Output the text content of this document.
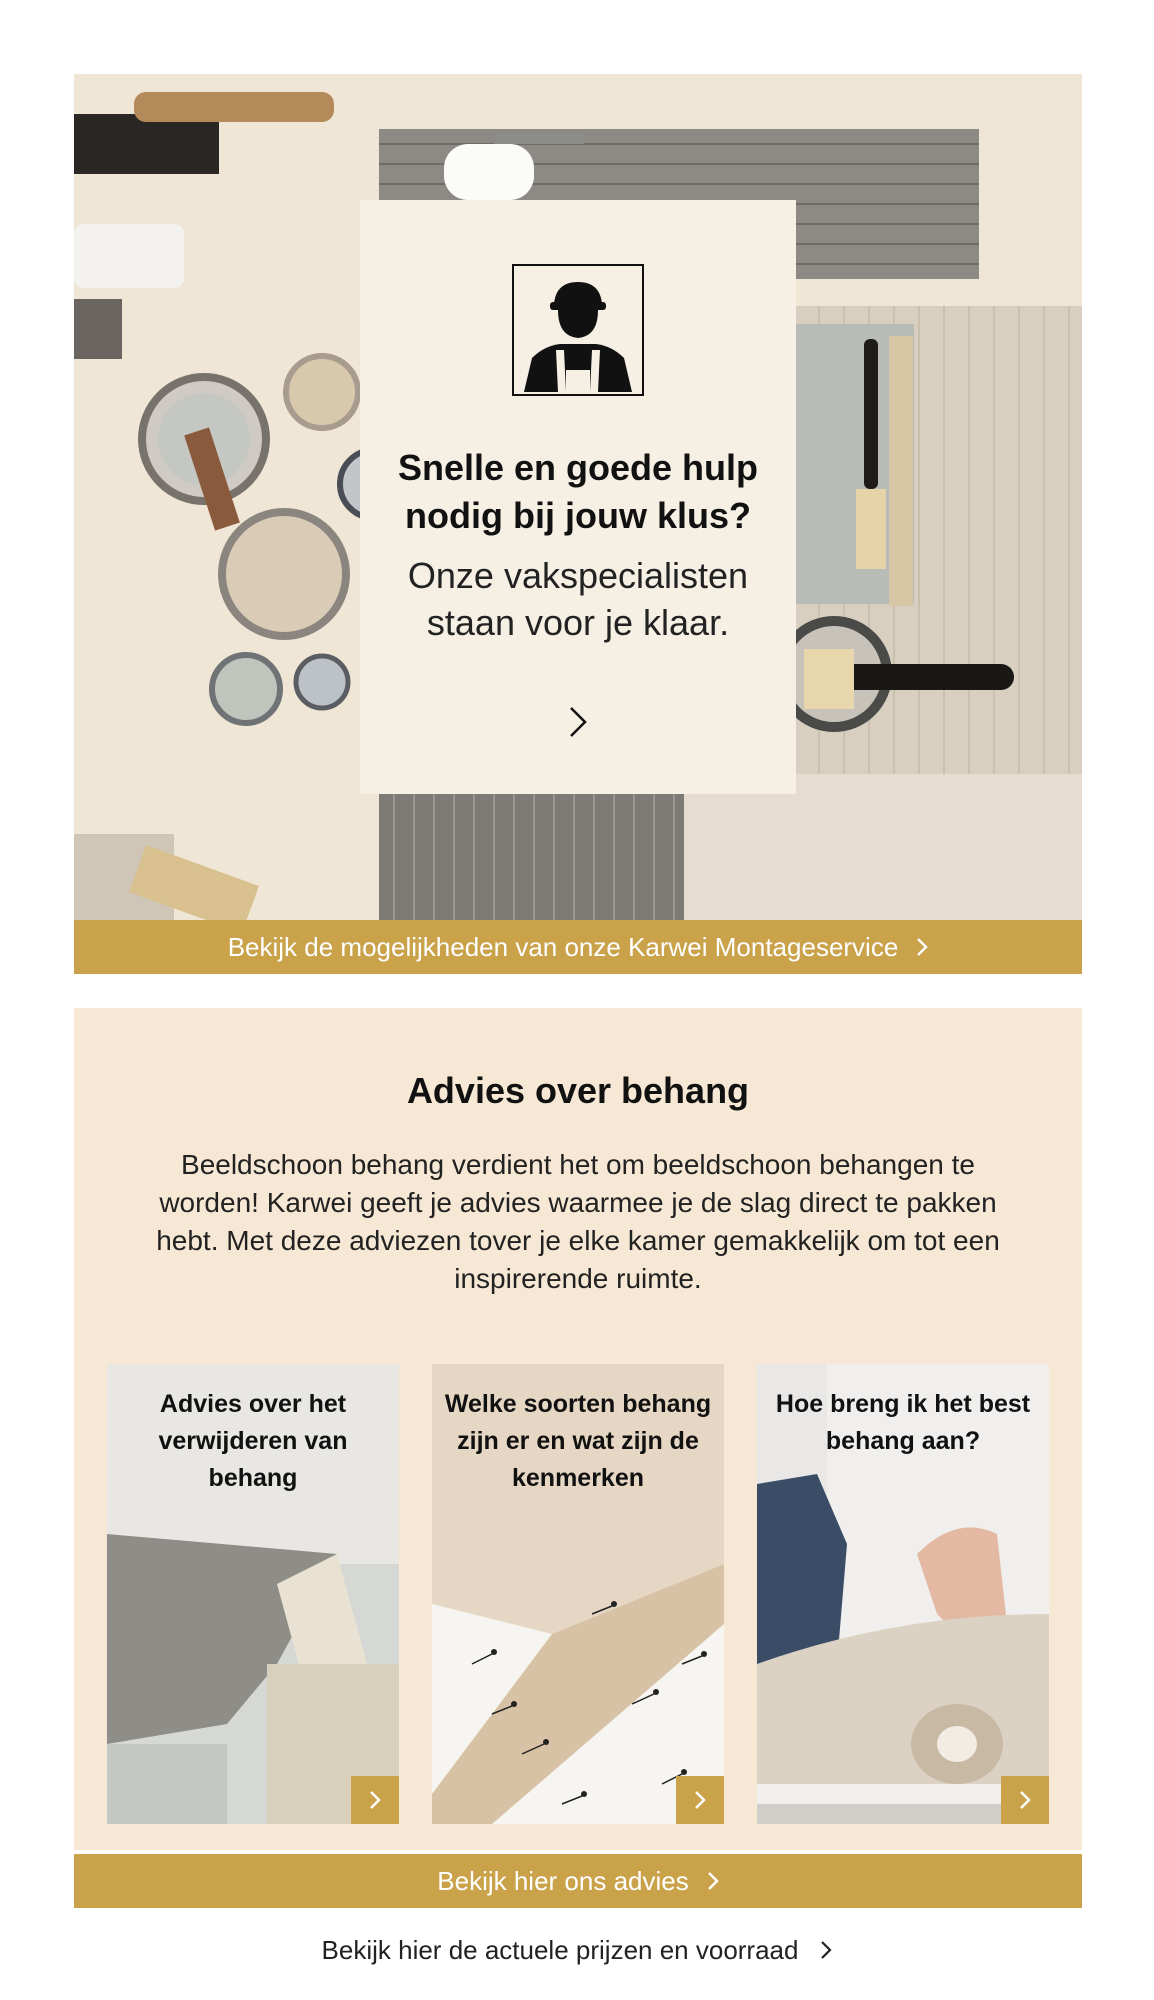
Snelle en goede hulp nodig bij jouw klus?
Onze vakspecialisten staan voor je klaar.
Bekijk de mogelijkheden van onze Karwei Montageservice
Advies over behang
Beeldschoon behang verdient het om beeldschoon behangen te worden! Karwei geeft je advies waarmee je de slag direct te pakken hebt. Met deze adviezen tover je elke kamer gemakkelijk om tot een inspirerende ruimte.
Advies over het verwijderen van behang
Welke soorten behang zijn er en wat zijn de kenmerken
Hoe breng ik het best behang aan?
Bekijk hier ons advies
Bekijk hier de actuele prijzen en voorraad
